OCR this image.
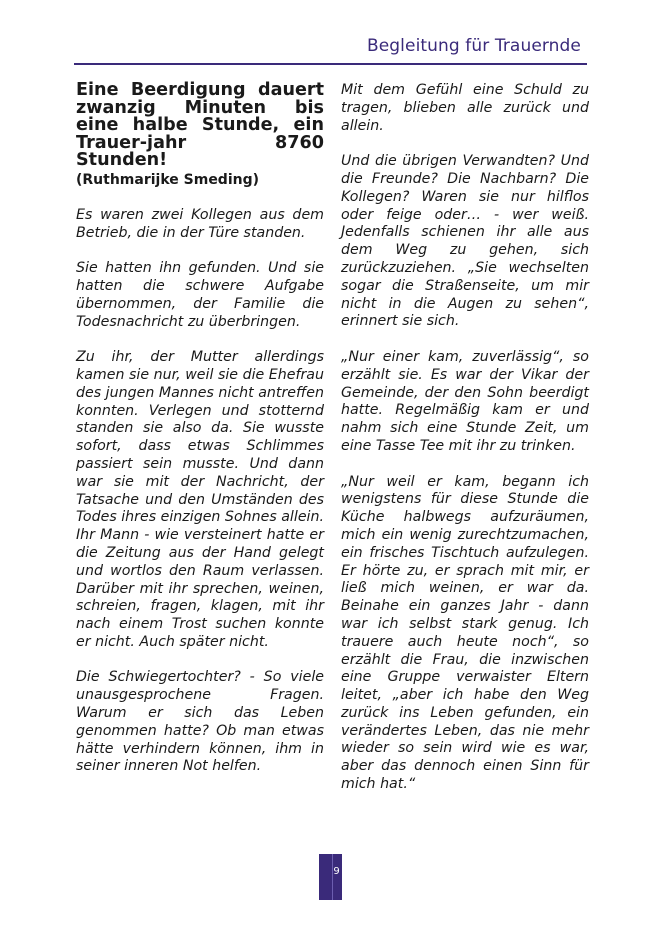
Begleitung für Trauernde

Eine Beerdigung dauert zwanzig Minuten bis eine halbe Stunde, ein Trauer-jahr 8760 Stunden!

(Ruthmarijke Smeding)

Es waren zwei Kollegen aus dem Betrieb, die in der Türe standen.

Sie hatten ihn gefunden. Und sie hatten die schwere Aufgabe übernommen, der Familie die Todesnachricht zu überbringen.

Zu ihr, der Mutter allerdings kamen sie nur, weil sie die Ehefrau des jungen Mannes nicht antreffen konnten. Verlegen und stotternd standen sie also da. Sie wusste sofort, dass etwas Schlimmes passiert sein musste. Und dann war sie mit der Nachricht, der Tatsache und den Umständen des Todes ihres einzigen Sohnes allein. Ihr Mann - wie versteinert hatte er die Zeitung aus der Hand gelegt und wortlos den Raum verlassen. Darüber mit ihr sprechen, weinen, schreien, fragen, klagen, mit ihr nach einem Trost suchen konnte er nicht. Auch später nicht.

Die Schwiegertochter? - So viele unausgesprochene Fragen. Warum er sich das Leben genommen hatte? Ob man etwas hätte verhindern können, ihm in seiner inneren Not helfen.

Mit dem Gefühl eine Schuld zu tragen, blieben alle zurück und allein.

Und die übrigen Verwandten? Und die Freunde? Die Nachbarn? Die Kollegen? Waren sie nur hilflos oder feige oder… - wer weiß. Jedenfalls schienen ihr alle aus dem Weg zu gehen, sich zurückzuziehen. „Sie wechselten sogar die Straßenseite, um mir nicht in die Augen zu sehen“, erinnert sie sich.

„Nur einer kam, zuverlässig“, so erzählt sie. Es war der Vikar der Gemeinde, der den Sohn beerdigt hatte. Regelmäßig kam er und nahm sich eine Stunde Zeit, um eine Tasse Tee mit ihr zu trinken.

„Nur weil er kam, begann ich wenigstens für diese Stunde die Küche halbwegs aufzuräumen, mich ein wenig zurechtzumachen, ein frisches Tischtuch aufzulegen. Er hörte zu, er sprach mit mir, er ließ mich weinen, er war da. Beinahe ein ganzes Jahr - dann war ich selbst stark genug. Ich trauere auch heute noch“, so erzählt die Frau, die inzwischen eine Gruppe verwaister Eltern leitet, „aber ich habe den Weg zurück ins Leben gefunden, ein verändertes Leben, das nie mehr wieder so sein wird wie es war, aber das dennoch einen Sinn für mich hat.“

9
